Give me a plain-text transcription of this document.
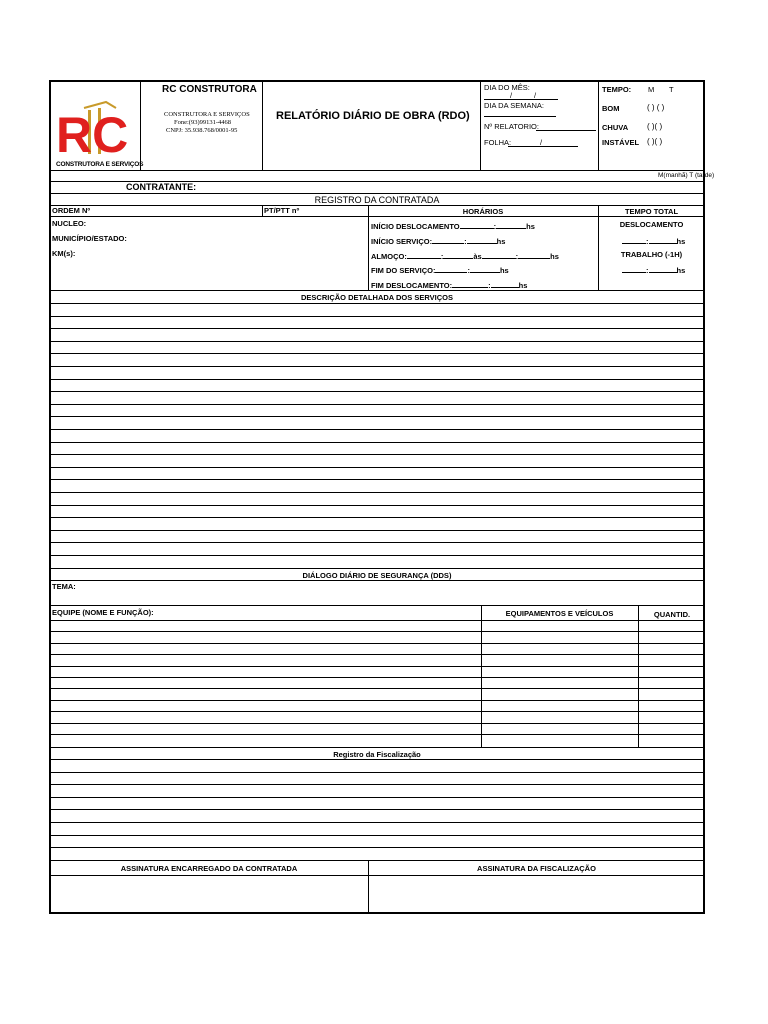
RC
CONSTRUTORA E SERVIÇOS
RC CONSTRUTORA
CONSTRUTORA E SERVIÇOS
Fone:(93)99131-4468
CNPJ: 35.938.768/0001-95
RELATÓRIO DIÁRIO DE OBRA (RDO)
DIA DO MÊS:
/	/
DIA DA SEMANA:
Nº RELATORIO:
FOLHA:	/
TEMPO: M T
BOM	( ) ( )
CHUVA ( )( )
INSTÁVEL ( )( )
M(manhã) T (tarde)
CONTRATANTE:
REGISTRO DA CONTRATADA
ORDEM Nº	PT/PTT nº	HORÁRIOS	TEMPO TOTAL
NUCLEO:
MUNICÍPIO/ESTADO:
KM(s):
INÍCIO DESLOCAMENTO	:	hs
INÍCIO SERVIÇO:	:	hs
ALMOÇO:	:	às	:	hs
FIM DO SERVIÇO:	:	hs
FIM DESLOCAMENTO:	:	hs
DESLOCAMENTO
:	hs
TRABALHO (-1H)
:	hs
DESCRIÇÃO DETALHADA DOS SERVIÇOS
DIÁLOGO DIÁRIO DE SEGURANÇA (DDS)
TEMA:
EQUIPE (NOME E FUNÇÃO):	EQUIPAMENTOS E VEÍCULOS	QUANTID.
Registro da Fiscalização
ASSINATURA ENCARREGADO DA CONTRATADA	ASSINATURA DA FISCALIZAÇÃO
